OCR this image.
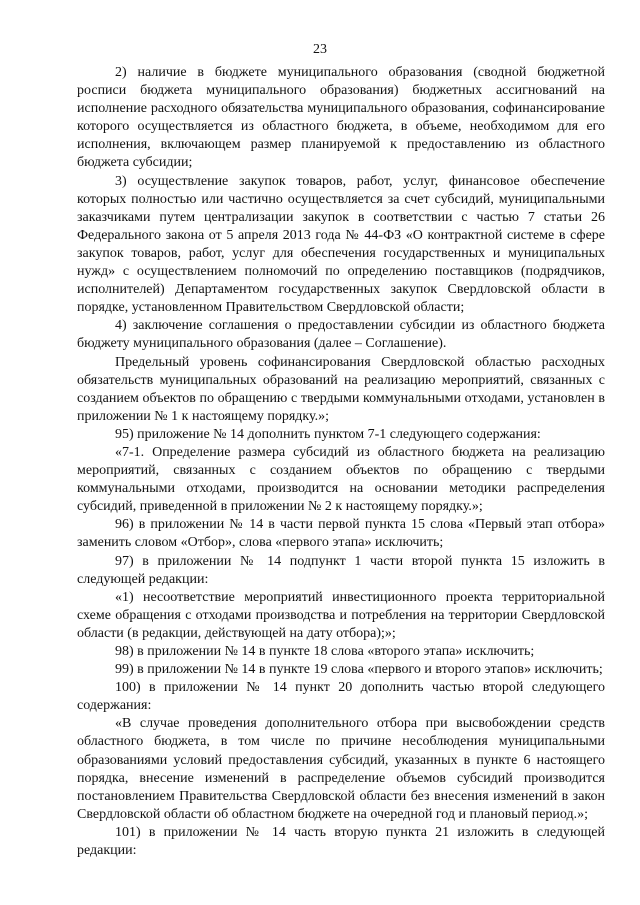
23

2) наличие в бюджете муниципального образования (сводной бюджетной росписи бюджета муниципального образования) бюджетных ассигнований на исполнение расходного обязательства муниципального образования, софинансирование которого осуществляется из областного бюджета, в объеме, необходимом для его исполнения, включающем размер планируемой к предоставлению из областного бюджета субсидии;

3) осуществление закупок товаров, работ, услуг, финансовое обеспечение которых полностью или частично осуществляется за счет субсидий, муниципальными заказчиками путем централизации закупок в соответствии с частью 7 статьи 26 Федерального закона от 5 апреля 2013 года № 44-ФЗ «О контрактной системе в сфере закупок товаров, работ, услуг для обеспечения государственных и муниципальных нужд» с осуществлением полномочий по определению поставщиков (подрядчиков, исполнителей) Департаментом государственных закупок Свердловской области в порядке, установленном Правительством Свердловской области;

4) заключение соглашения о предоставлении субсидии из областного бюджета бюджету муниципального образования (далее – Соглашение).

Предельный уровень софинансирования Свердловской областью расходных обязательств муниципальных образований на реализацию мероприятий, связанных с созданием объектов по обращению с твердыми коммунальными отходами, установлен в приложении № 1 к настоящему порядку.»;

95) приложение № 14 дополнить пунктом 7-1 следующего содержания:

«7-1. Определение размера субсидий из областного бюджета на реализацию мероприятий, связанных с созданием объектов по обращению с твердыми коммунальными отходами, производится на основании методики распределения субсидий, приведенной в приложении № 2 к настоящему порядку.»;

96) в приложении № 14 в части первой пункта 15 слова «Первый этап отбора» заменить словом «Отбор», слова «первого этапа» исключить;

97) в приложении № 14 подпункт 1 части второй пункта 15 изложить в следующей редакции:

«1) несоответствие мероприятий инвестиционного проекта территориальной схеме обращения с отходами производства и потребления на территории Свердловской области (в редакции, действующей на дату отбора);»;

98) в приложении № 14 в пункте 18 слова «второго этапа» исключить;

99) в приложении № 14 в пункте 19 слова «первого и второго этапов» исключить;

100) в приложении № 14 пункт 20 дополнить частью второй следующего содержания:

«В случае проведения дополнительного отбора при высвобождении средств областного бюджета, в том числе по причине несоблюдения муниципальными образованиями условий предоставления субсидий, указанных в пункте 6 настоящего порядка, внесение изменений в распределение объемов субсидий производится постановлением Правительства Свердловской области без внесения изменений в закон Свердловской области об областном бюджете на очередной год и плановый период.»;

101) в приложении № 14 часть вторую пункта 21 изложить в следующей редакции:
